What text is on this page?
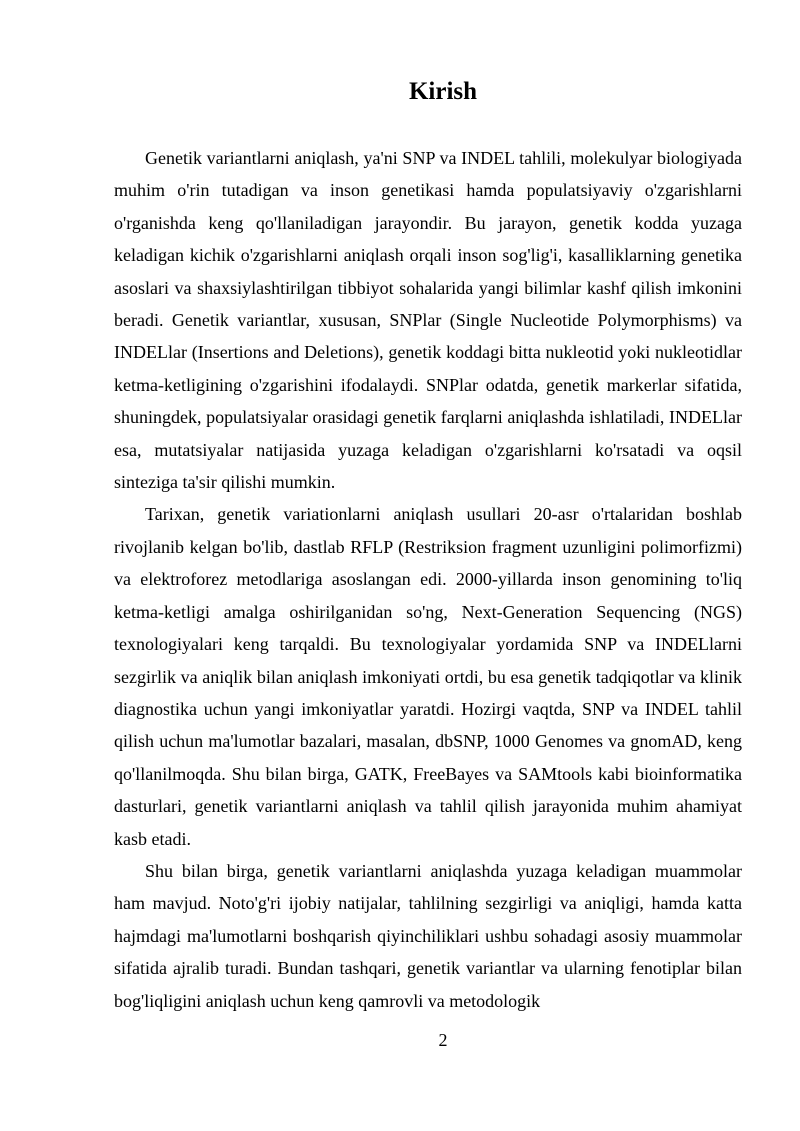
Kirish

Genetik variantlarni aniqlash, ya'ni SNP va INDEL tahlili, molekulyar biologiyada muhim o'rin tutadigan va inson genetikasi hamda populatsiyaviy o'zgarishlarni o'rganishda keng qo'llaniladigan jarayondir. Bu jarayon, genetik kodda yuzaga keladigan kichik o'zgarishlarni aniqlash orqali inson sog'lig'i, kasalliklarning genetika asoslari va shaxsiylashtirilgan tibbiyot sohalarida yangi bilimlar kashf qilish imkonini beradi. Genetik variantlar, xususan, SNPlar (Single Nucleotide Polymorphisms) va INDELlar (Insertions and Deletions), genetik koddagi bitta nukleotid yoki nukleotidlar ketma-ketligining o'zgarishini ifodalaydi. SNPlar odatda, genetik markerlar sifatida, shuningdek, populatsiyalar orasidagi genetik farqlarni aniqlashda ishlatiladi, INDELlar esa, mutatsiyalar natijasida yuzaga keladigan o'zgarishlarni ko'rsatadi va oqsil sinteziga ta'sir qilishi mumkin.

Tarixan, genetik variationlarni aniqlash usullari 20-asr o'rtalaridan boshlab rivojlanib kelgan bo'lib, dastlab RFLP (Restriksion fragment uzunligini polimorfizmi) va elektroforez metodlariga asoslangan edi. 2000-yillarda inson genomining to'liq ketma-ketligi amalga oshirilganidan so'ng, Next-Generation Sequencing (NGS) texnologiyalari keng tarqaldi. Bu texnologiyalar yordamida SNP va INDELlarni sezgirlik va aniqlik bilan aniqlash imkoniyati ortdi, bu esa genetik tadqiqotlar va klinik diagnostika uchun yangi imkoniyatlar yaratdi. Hozirgi vaqtda, SNP va INDEL tahlil qilish uchun ma'lumotlar bazalari, masalan, dbSNP, 1000 Genomes va gnomAD, keng qo'llanilmoqda. Shu bilan birga, GATK, FreeBayes va SAMtools kabi bioinformatika dasturlari, genetik variantlarni aniqlash va tahlil qilish jarayonida muhim ahamiyat kasb etadi.

Shu bilan birga, genetik variantlarni aniqlashda yuzaga keladigan muammolar ham mavjud. Noto'g'ri ijobiy natijalar, tahlilning sezgirligi va aniqligi, hamda katta hajmdagi ma'lumotlarni boshqarish qiyinchiliklari ushbu sohadagi asosiy muammolar sifatida ajralib turadi. Bundan tashqari, genetik variantlar va ularning fenotiplar bilan bog'liqligini aniqlash uchun keng qamrovli va metodologik

2
